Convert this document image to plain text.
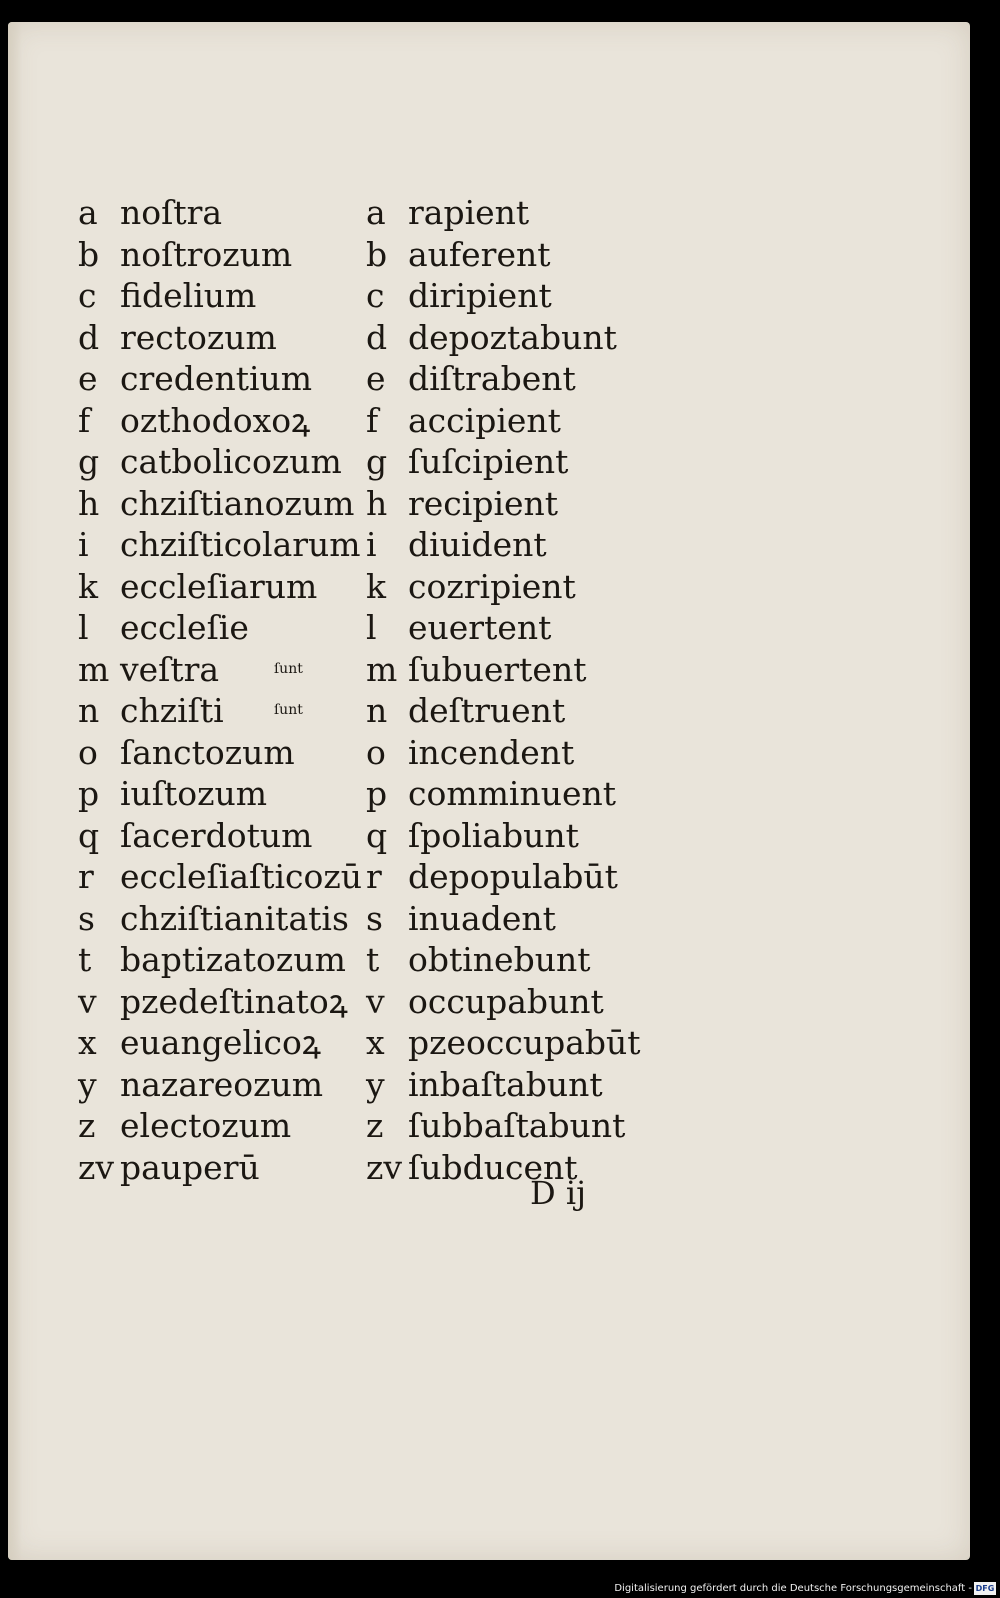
a noſtra	a rapient
b noſtrozum b auferent
c fidelium	c diripient
d rectozum	d depoztabunt
e credentium e diſtrabent
f ozthodoxoꝝ f accipient
g catbolicozum g ſuſcipient
h chziſtianozum h recipient
i chziſticolarum i diuident
k eccleſiarum k cozripient
l eccleſie	l euertent
m veſtra	ſunt m ſubuertent
n chziſti	ſunt n deſtruent
o ſanctozum o incendent
p iuſtozum	p comminuent
q ſacerdotum q ſpoliabunt
r eccleſiaſticozū r depopulabūt
s chziſtianitatis s inuadent
t baptizatozum t obtinebunt
v pzedeſtinatoꝝ v occupabunt
x euangelicoꝝ x pzeoccupabūt
y nazareozum y inbaſtabunt
z electozum z ſubbaſtabunt
zv pauperū	zv ſubducent
D ij
Digitalisierung gefördert durch die Deutsche Forschungsgemeinschaft - DFG
